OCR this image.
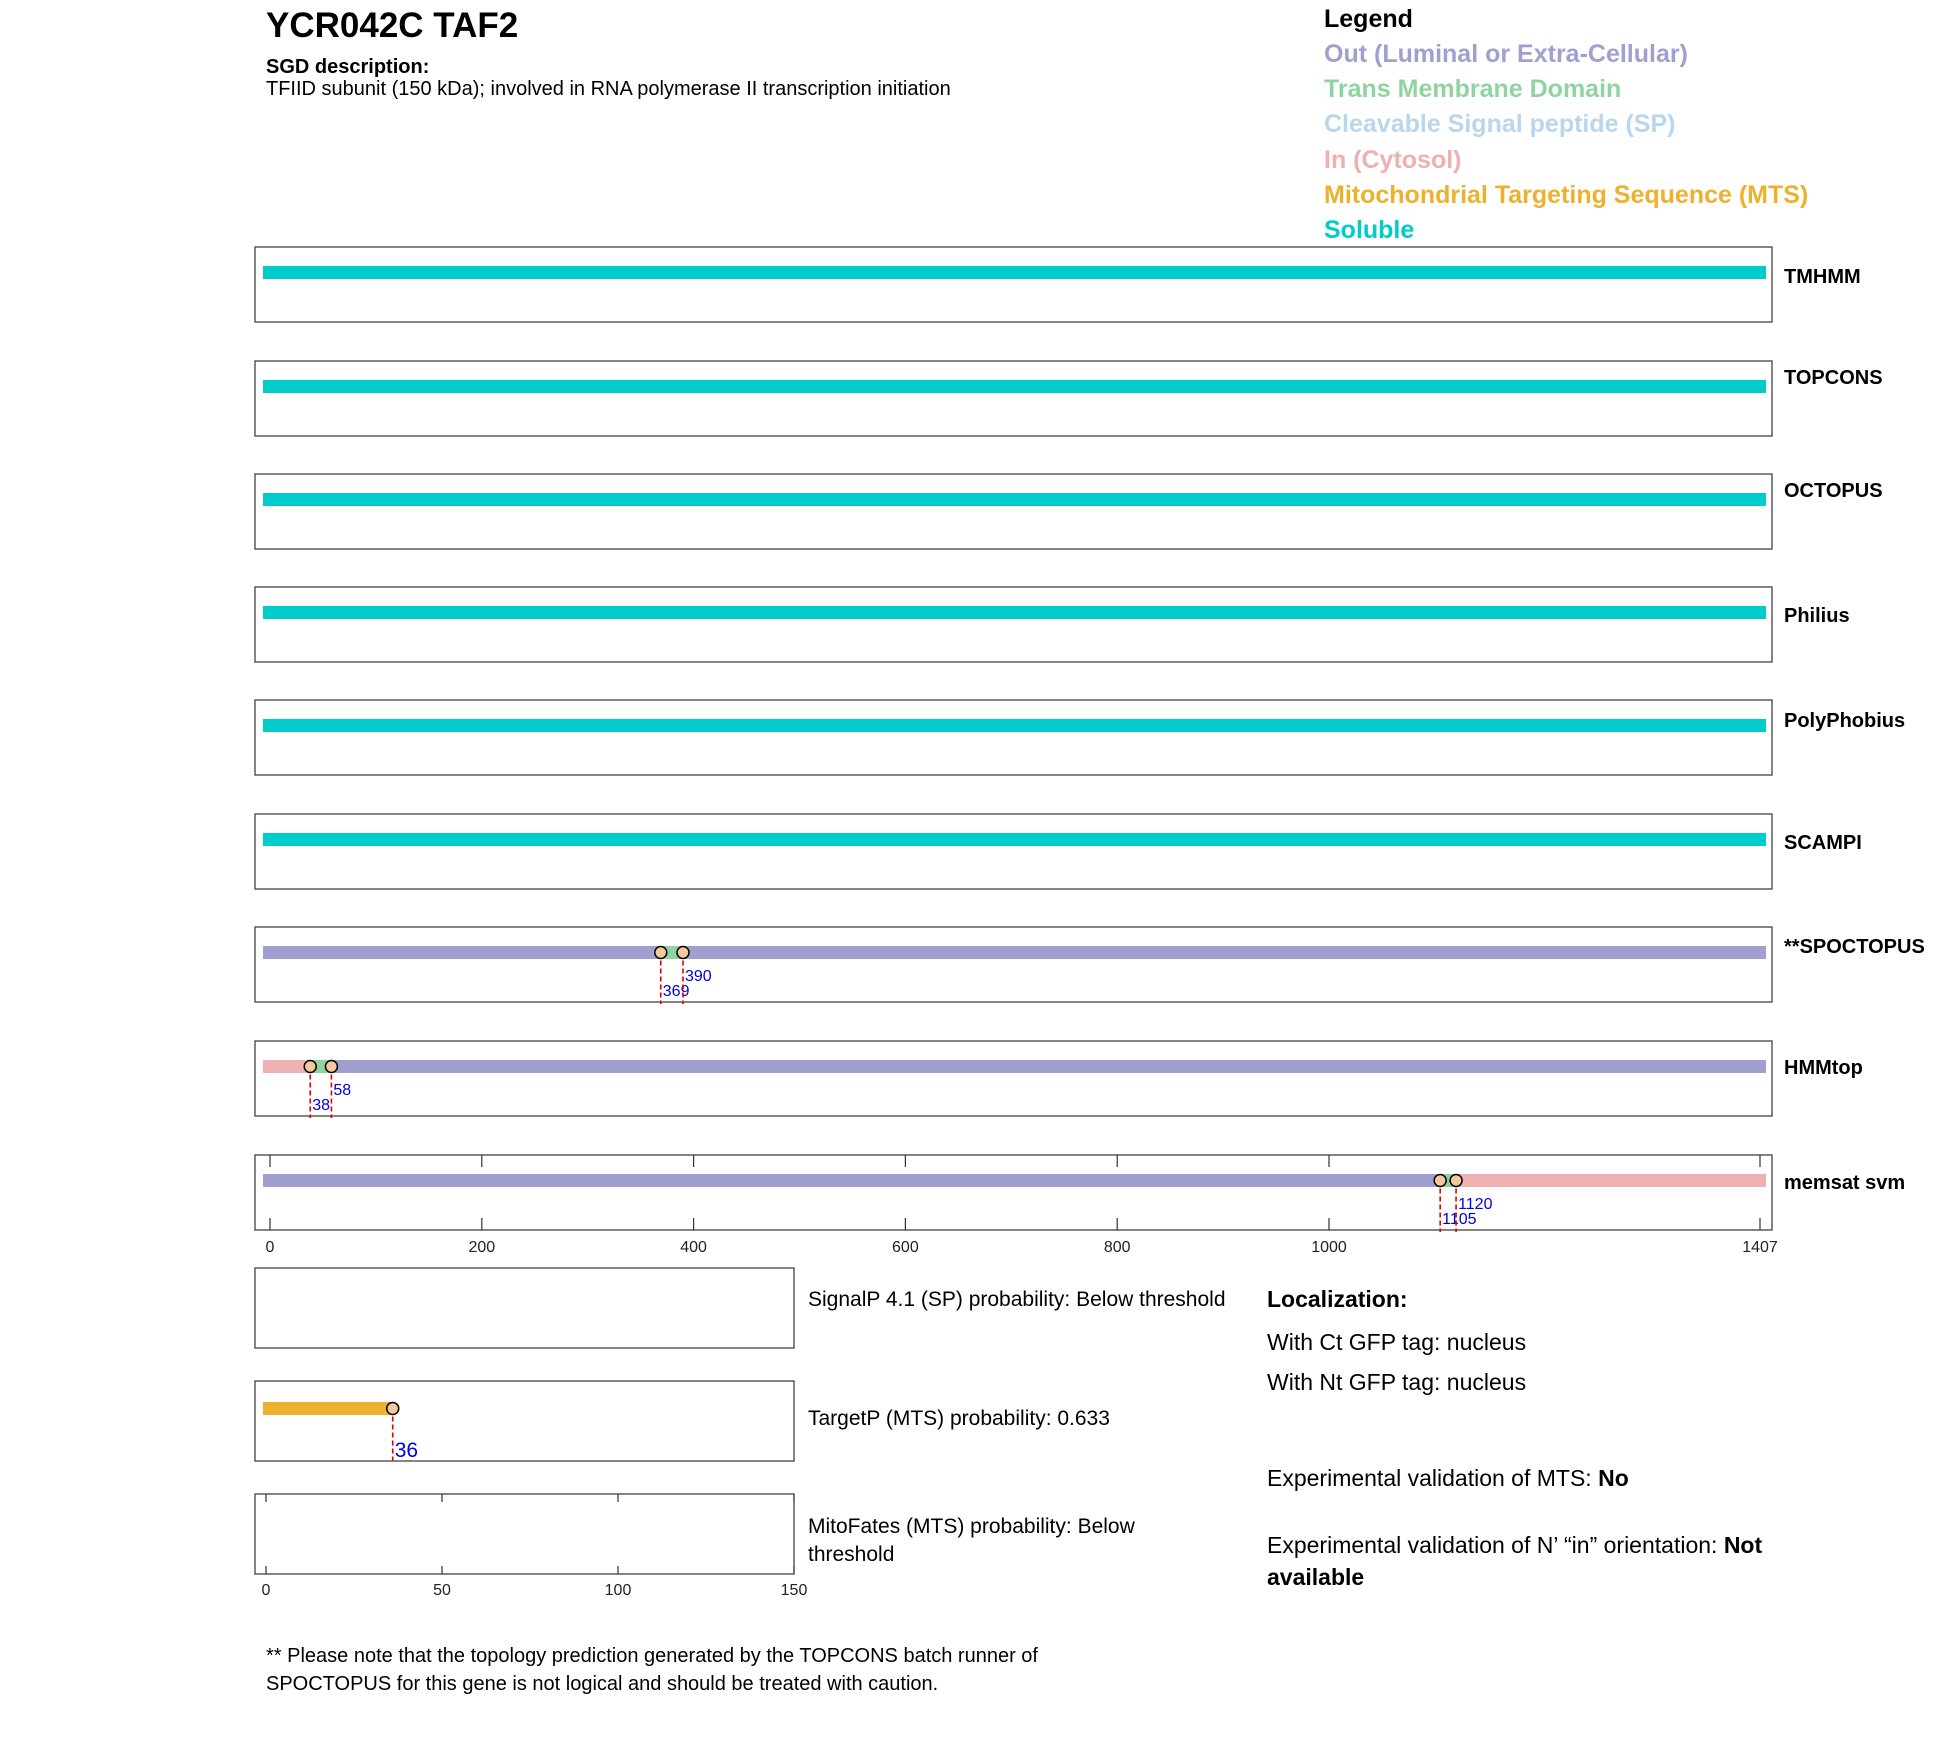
YCR042C TAF2
SGD description:
TFIID subunit (150 kDa); involved in RNA polymerase II transcription initiation
Legend
Out (Luminal or Extra-Cellular)
Trans Membrane Domain
Cleavable Signal peptide (SP)
In (Cytosol)
Mitochondrial Targeting Sequence (MTS)
Soluble
TMHMM
TOPCONS
OCTOPUS
Philius
PolyPhobius
SCAMPI
**SPOCTOPUS
369
390
HMMtop
38
58
memsat svm
1105
1120
0	200	400	600	800	1000	1407
36
0	50	100	150
SignalP 4.1 (SP) probability: Below threshold
TargetP (MTS) probability: 0.633
MitoFates (MTS) probability: Below
threshold
Localization:
With Ct GFP tag: nucleus
With Nt GFP tag: nucleus
Experimental validation of MTS: No
Experimental validation of N’ “in” orientation: Not
available
** Please note that the topology prediction generated by the TOPCONS batch runner of SPOCTOPUS for this gene is not logical and should be treated with caution.
